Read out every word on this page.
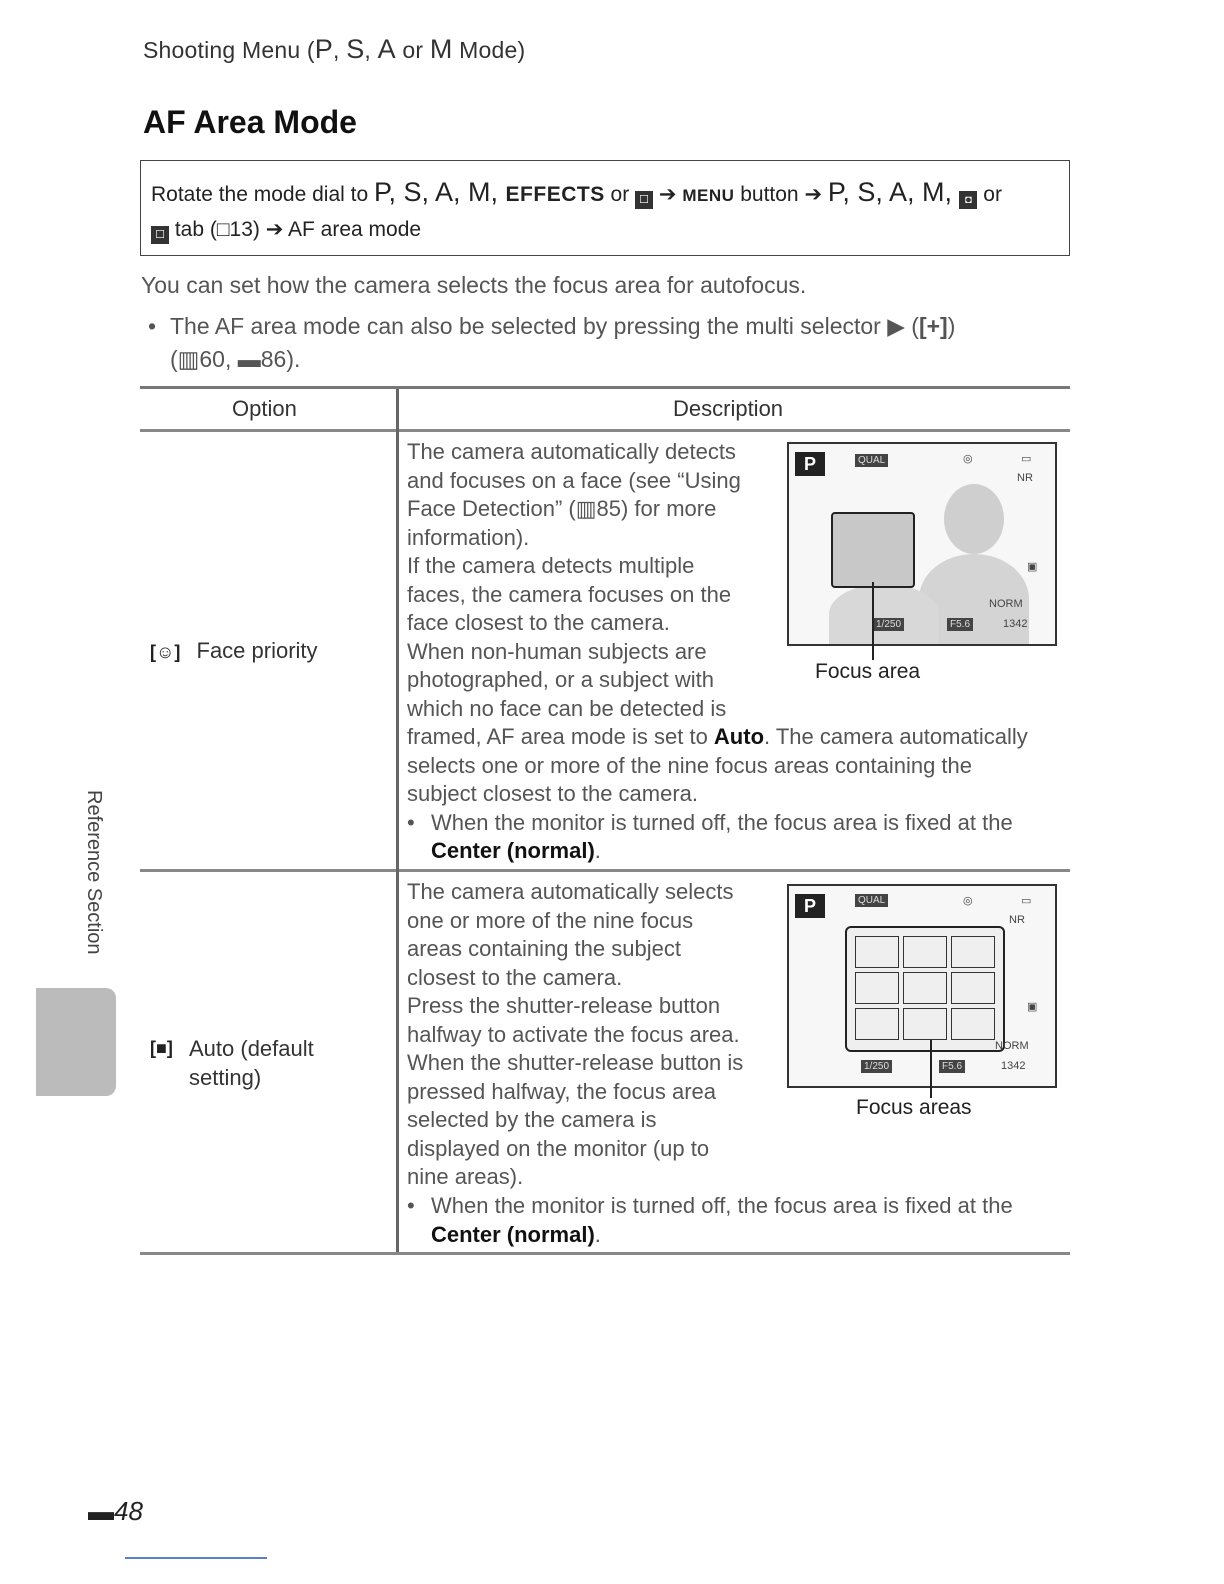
Shooting Menu (P, S, A or M Mode)
AF Area Mode
Rotate the mode dial to P, S, A, M, EFFECTS or ☐ ➔ MENU button ➔ P, S, A, M, ◘ or
☐ tab (□13) ➔ AF area mode
You can set how the camera selects the focus area for autofocus.
• The AF area mode can also be selected by pressing the multi selector ▶ ([+])
(▥60, ▬86).
Option	Description
[☺] Face priority
The camera automatically detects
and focuses on a face (see “Using
Face Detection” (▥85) for more
information).
If the camera detects multiple
faces, the camera focuses on the
face closest to the camera.
When non-human subjects are
photographed, or a subject with
which no face can be detected is
framed, AF area mode is set to Auto. The camera automatically
selects one or more of the nine focus areas containing the
subject closest to the camera.
• When the monitor is turned off, the focus area is fixed at the
Center (normal).
P	QUAL	◎	▭
NR
▣
NORM
1/250	F5.6	1342
Focus area
[■] Auto (default
setting)
The camera automatically selects
one or more of the nine focus
areas containing the subject
closest to the camera.
Press the shutter-release button
halfway to activate the focus area.
When the shutter-release button is
pressed halfway, the focus area
selected by the camera is
displayed on the monitor (up to
nine areas).
• When the monitor is turned off, the focus area is fixed at the
Center (normal).
P	QUAL	◎	▭
NR
▣
NORM
1/250	F5.6	1342
Focus areas
Reference Section
▬48
